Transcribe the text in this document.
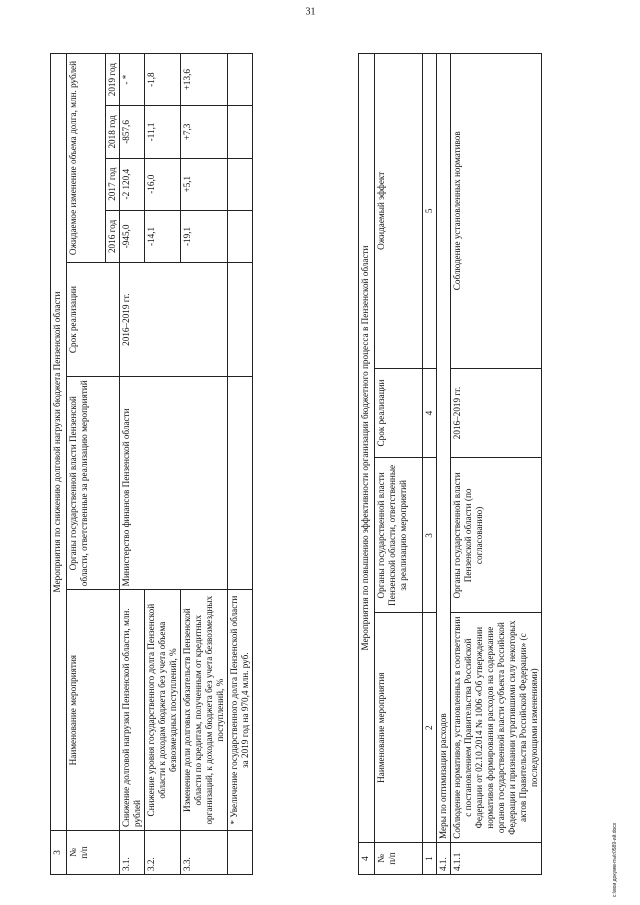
31
3	Мероприятия по снижению долговой нагрузки бюджета Пензенской области						
№
п/п	Наименование мероприятия	Органы государственной власти Пензенской области, ответственные за реализацию мероприятий	Срок реализации	Ожидаемое изменение объема долга, млн. рублей			
				2016 год	2017 год	2018 год	2019 год
3.1.	Снижение долговой нагрузки Пензенской области, млн. рублей	Министерство финансов Пензенской области	2016–2019 гг.	-945,0	-2 120,4	-857,6	- *
3.2.	Снижение уровня государственного долга Пензенской области к доходам бюджета без учета объема безвозмездных поступлений, %			-14,1	-16,0	-11,1	-1,8
3.3.	Изменение доли долговых обязательств Пензенской области по кредитам, полученным от кредитных организаций, к доходам бюджета без учета безвозмездных поступлений, %			-19,1	+5,1	+7,3	+13,6
	* Увеличение государственного долга Пензенской области за 2019 год на 970,4 млн. руб.						
4	Мероприятия по повышению эффективности организации бюджетного процесса в Пензенской области			
№
п/п	Наименование мероприятия	Органы государственной власти Пензенской области, ответственные за реализацию мероприятий	Срок реализации	Ожидаемый эффект
1	2	3	4	5
4.1.	Меры по оптимизации расходов			
4.1.1	Соблюдение нормативов, установленных в соответствии с постановлением Правительства Российской Федерации от 02.10.2014 № 1006 «Об утверждении нормативов формирования расходов на содержание органов государственной власти субъекта Российской Федерации и признании утратившими силу некоторых актов Правительства Российской Федерации» (с последующими изменениями)	Органы государственной власти Пензенской области (по согласованию)	2016–2019 гг.	Соблюдение установленных нормативов
c:\мои документы\r0589-ий.docx
